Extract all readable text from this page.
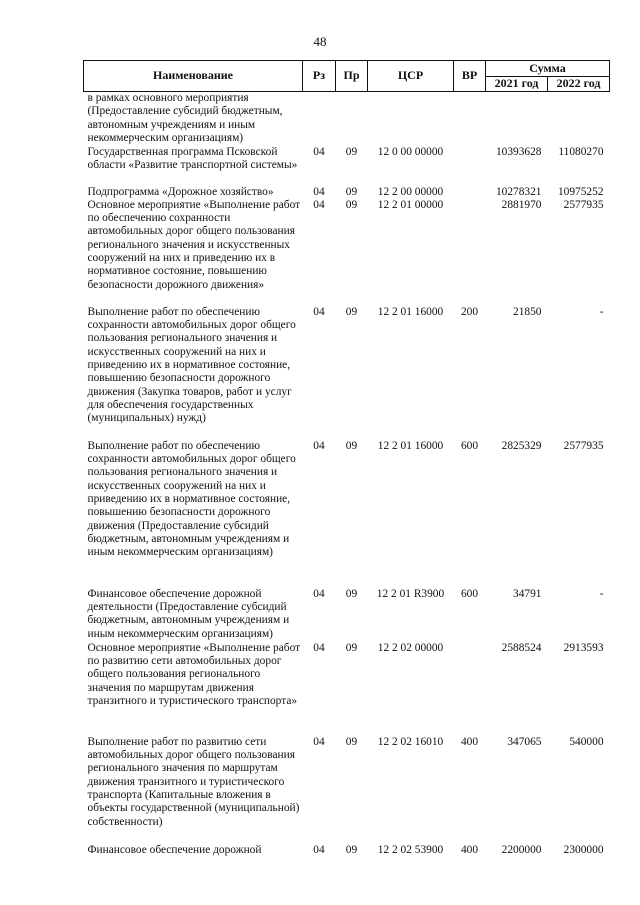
48
Наименование	Рз	Пр	ЦСР	ВР	Сумма	
					2021 год	2022 год
в рамках основного мероприятия (Предоставление субсидий бюджетным, автономным учреждениям и иным некоммерческим организациям)						
Государственная программа Псковской области «Развитие транспортной системы»	04	09	12 0 00 00000		10393628	11080270
Подпрограмма «Дорожное хозяйство»	04	09	12 2 00 00000		10278321	10975252
Основное мероприятие «Выполнение работ по обеспечению сохранности автомобильных дорог общего пользования регионального значения и искусственных сооружений на них и приведению их в нормативное состояние, повышению безопасности дорожного движения»	04	09	12 2 01 00000		2881970	2577935
Выполнение работ по обеспечению сохранности автомобильных дорог общего пользования регионального значения и искусственных сооружений на них и приведению их в нормативное состояние, повышению безопасности дорожного движения (Закупка товаров, работ и услуг для обеспечения государственных (муниципальных) нужд)	04	09	12 2 01 16000	200	21850	-
Выполнение работ по обеспечению сохранности автомобильных дорог общего пользования регионального значения и искусственных сооружений на них и приведению их в нормативное состояние, повышению безопасности дорожного движения (Предоставление субсидий бюджетным, автономным учреждениям и иным некоммерческим организациям)	04	09	12 2 01 16000	600	2825329	2577935
Финансовое обеспечение дорожной деятельности (Предоставление субсидий бюджетным, автономным учреждениям и иным некоммерческим организациям)	04	09	12 2 01 R3900	600	34791	-
Основное мероприятие «Выполнение работ по развитию сети автомобильных дорог общего пользования регионального значения по маршрутам движения транзитного и туристического транспорта»	04	09	12 2 02 00000		2588524	2913593
Выполнение работ по развитию сети автомобильных дорог общего пользования регионального значения по маршрутам движения транзитного и туристического транспорта (Капитальные вложения в объекты государственной (муниципальной) собственности)	04	09	12 2 02 16010	400	347065	540000
Финансовое обеспечение дорожной	04	09	12 2 02 53900	400	2200000	2300000
